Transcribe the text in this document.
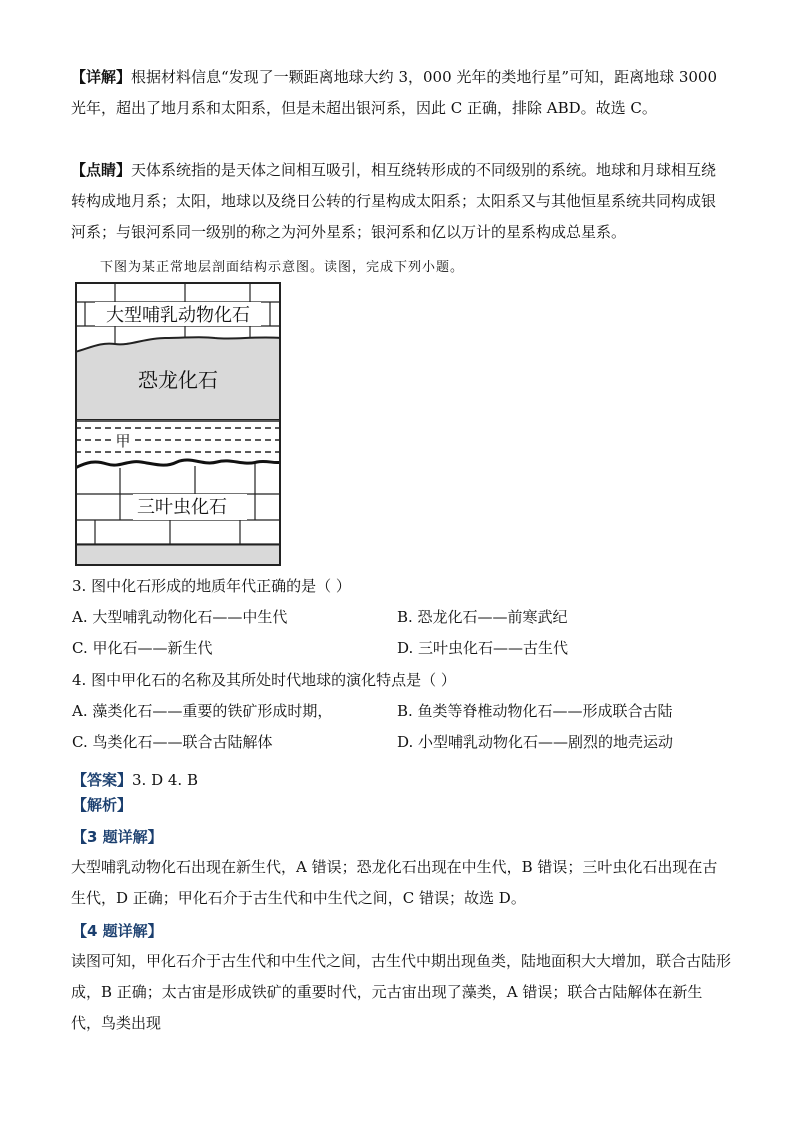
【详解】根据材料信息“发现了一颗距离地球大约 3，000 光年的类地行星”可知，距离地球 3000 光年，超出了地月系和太阳系，但是未超出银河系，因此 C 正确，排除 ABD。故选 C。

【点睛】天体系统指的是天体之间相互吸引，相互绕转形成的不同级别的系统。地球和月球相互绕转构成地月系；太阳，地球以及绕日公转的行星构成太阳系；太阳系又与其他恒星系统共同构成银河系；与银河系同一级别的称之为河外星系；银河系和亿以万计的星系构成总星系。

下图为某正常地层剖面结构示意图。读图，完成下列小题。
大型哺乳动物化石
恐龙化石
甲
三叶虫化石
3. 图中化石形成的地质年代正确的是（ ）
A. 大型哺乳动物化石——中生代	B. 恐龙化石——前寒武纪
C. 甲化石——新生代	D. 三叶虫化石——古生代
4. 图中甲化石的名称及其所处时代地球的演化特点是（ ）
A. 藻类化石——重要的铁矿形成时期，	B. 鱼类等脊椎动物化石——形成联合古陆
C. 鸟类化石——联合古陆解体	D. 小型哺乳动物化石——剧烈的地壳运动
【答案】3. D 4. B
【解析】
【3 题详解】

大型哺乳动物化石出现在新生代，A 错误；恐龙化石出现在中生代，B 错误；三叶虫化石出现在古生代，D 正确；甲化石介于古生代和中生代之间，C 错误；故选 D。

【4 题详解】

读图可知，甲化石介于古生代和中生代之间，古生代中期出现鱼类，陆地面积大大增加，联合古陆形成，B 正确；太古宙是形成铁矿的重要时代，元古宙出现了藻类，A 错误；联合古陆解体在新生代，鸟类出现
